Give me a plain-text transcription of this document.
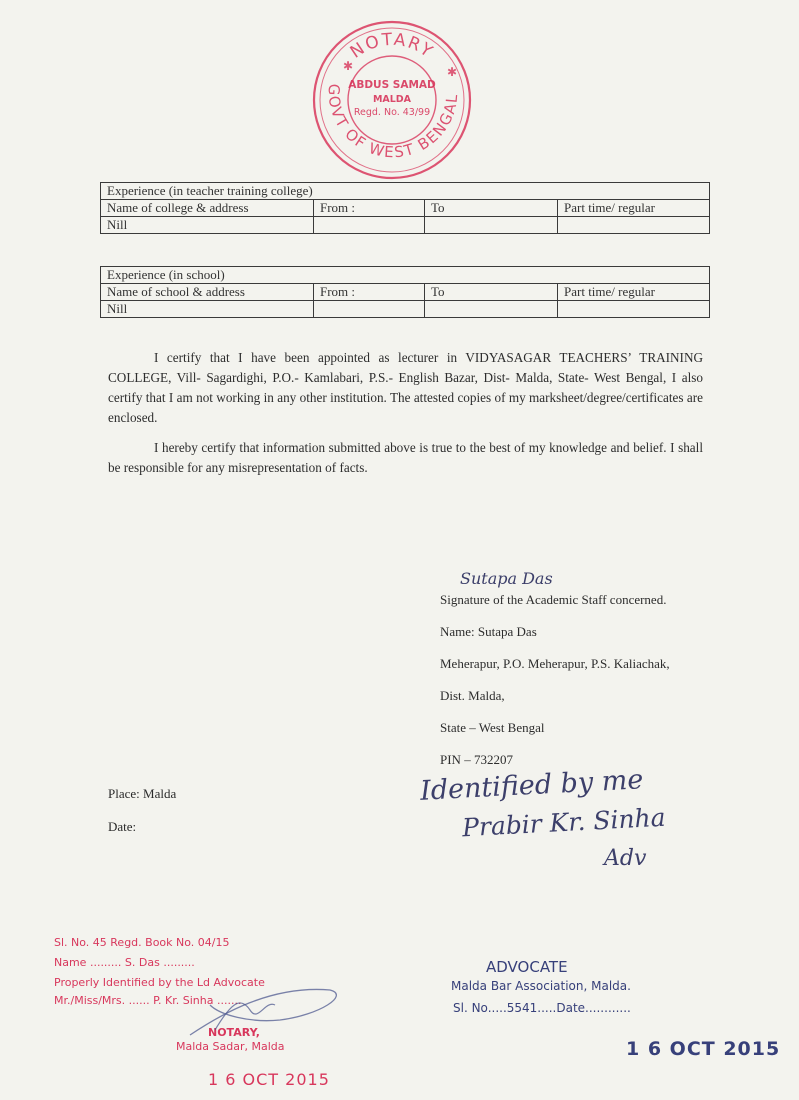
NOTARY
GOVT OF WEST BENGAL
ABDUS SAMAD
MALDA
Regd. No. 43/99
✱	✱
Experience (in teacher training college)			
Name of college & address	From :	To	Part time/ regular
Nill			
Experience (in school)			
Name of school & address	From :	To	Part time/ regular
Nill			

I certify that I have been appointed as lecturer in VIDYASAGAR TEACHERS’ TRAINING COLLEGE, Vill- Sagardighi, P.O.- Kamlabari, P.S.- English Bazar, Dist- Malda, State- West Bengal, I also certify that I am not working in any other institution. The attested copies of my marksheet/degree/certificates are enclosed.

I hereby certify that information submitted above is true to the best of my knowledge and belief. I shall be responsible for any misrepresentation of facts.

Sutapa Das
Signature of the Academic Staff concerned.
Name: Sutapa Das
Meherapur, P.O. Meherapur, P.S. Kaliachak,
Dist. Malda,
State – West Bengal
PIN – 732207
Place: Malda
Date:
Identified by me
Prabir Kr. Sinha
Adv
Sl. No. 45 Regd. Book No. 04/15
Name ......... S. Das .........
Properly Identified by the Ld Advocate
Mr./Miss/Mrs. ...... P. Kr. Sinha .......
NOTARY,
Malda Sadar, Malda
1 6 OCT 2015
ADVOCATE
Malda Bar Association, Malda.
Sl. No.....5541.....Date............
1 6 OCT 2015
